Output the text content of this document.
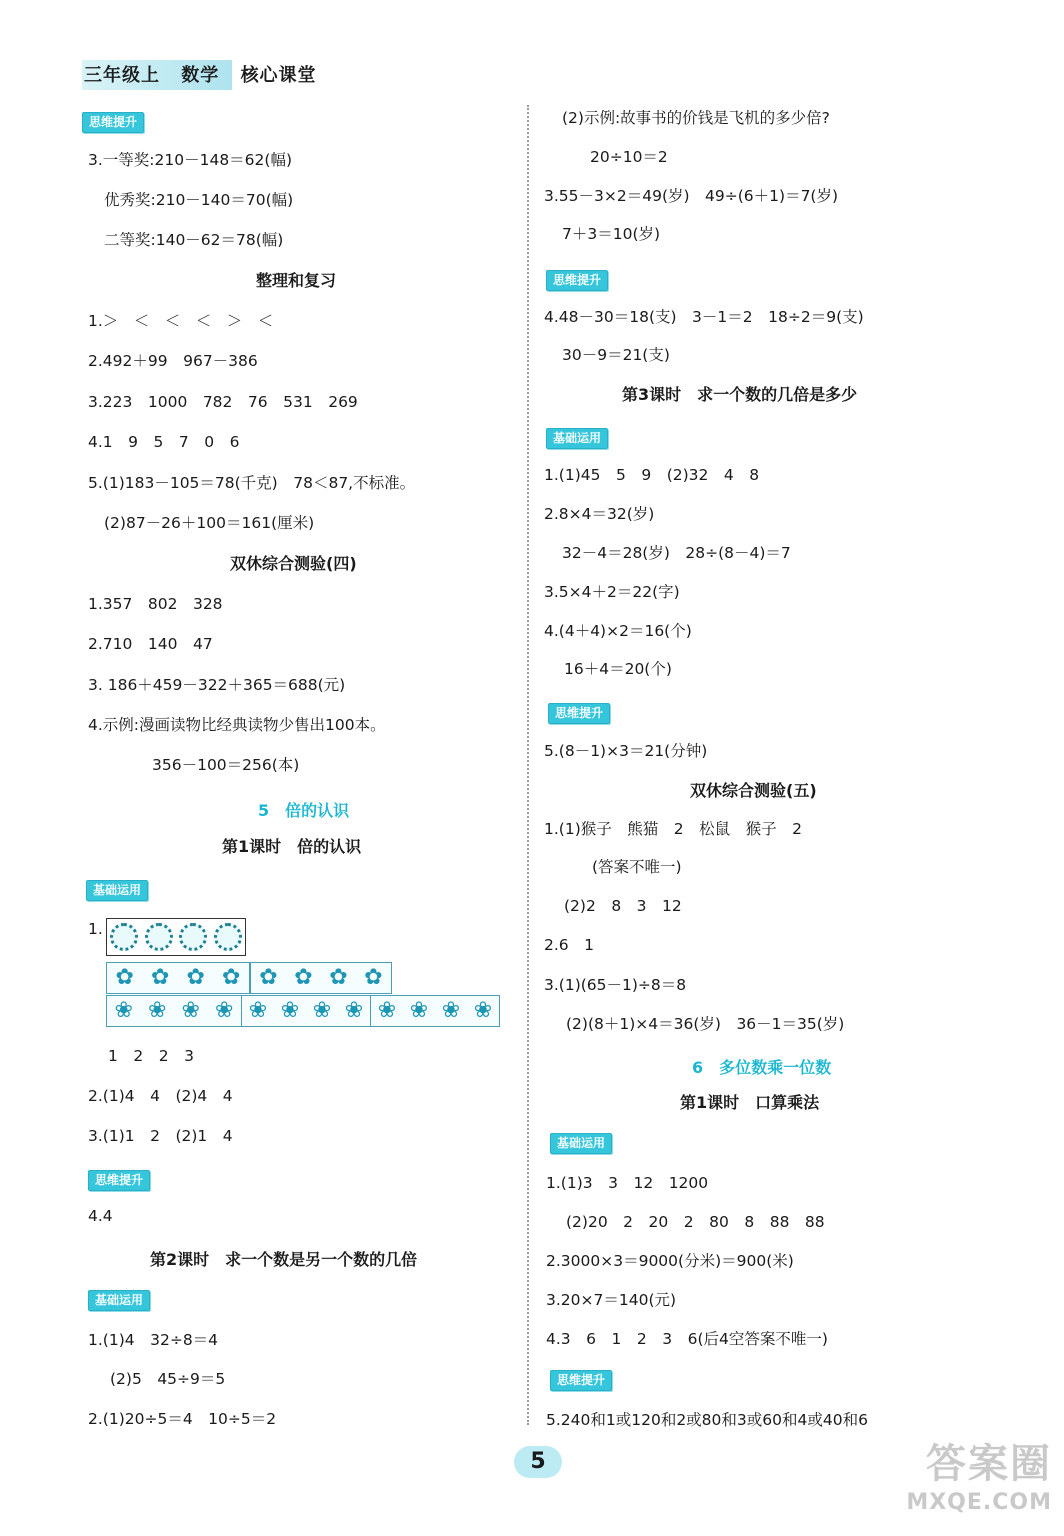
三年级上 数学 核心课堂
思维提升
3.一等奖:210－148＝62(幅)
优秀奖:210－140＝70(幅)
二等奖:140－62＝78(幅)
整理和复习
1.＞　＜　＜　＜　＞　＜
2.492＋99　967－386
3.223　1000　782　76　531　269
4.1　9　5　7　0　6
5.(1)183－105＝78(千克)　78＜87,不标准。
(2)87－26＋100＝161(厘米)
双休综合测验(四)
1.357　802　328
2.710　140　47
3. 186＋459－322＋365＝688(元)
4.示例:漫画读物比经典读物少售出100本。
356－100＝256(本)
5　倍的认识
第1课时　倍的认识
基础运用
1.
✿ ✿ ✿ ✿ ✿ ✿ ✿ ✿
❀ ❀ ❀ ❀ ❀ ❀ ❀ ❀ ❀ ❀ ❀ ❀
1　2　2　3
2.(1)4　4　(2)4　4
3.(1)1　2　(2)1　4
思维提升
4.4
第2课时　求一个数是另一个数的几倍
基础运用
1.(1)4　32÷8＝4
(2)5　45÷9＝5
2.(1)20÷5＝4　10÷5＝2
(2)示例:故事书的价钱是飞机的多少倍?
20÷10＝2
3.55－3×2＝49(岁)　49÷(6＋1)＝7(岁)
7＋3＝10(岁)
思维提升
4.48－30＝18(支)　3－1＝2　18÷2＝9(支)
30－9＝21(支)
第3课时　求一个数的几倍是多少
基础运用
1.(1)45　5　9　(2)32　4　8
2.8×4＝32(岁)
32－4＝28(岁)　28÷(8－4)＝7
3.5×4＋2＝22(字)
4.(4＋4)×2＝16(个)
16＋4＝20(个)
思维提升
5.(8－1)×3＝21(分钟)
双休综合测验(五)
1.(1)猴子　熊猫　2　松鼠　猴子　2
(答案不唯一)
(2)2　8　3　12
2.6　1
3.(1)(65－1)÷8＝8
(2)(8＋1)×4＝36(岁)　36－1＝35(岁)
6　多位数乘一位数
第1课时　口算乘法
基础运用
1.(1)3　3　12　1200
(2)20　2　20　2　80　8　88　88
2.3000×3＝9000(分米)＝900(米)
3.20×7＝140(元)
4.3　6　1　2　3　6(后4空答案不唯一)
思维提升
5.240和1或120和2或80和3或60和4或40和6
5	答案圈
MXQE.COM
